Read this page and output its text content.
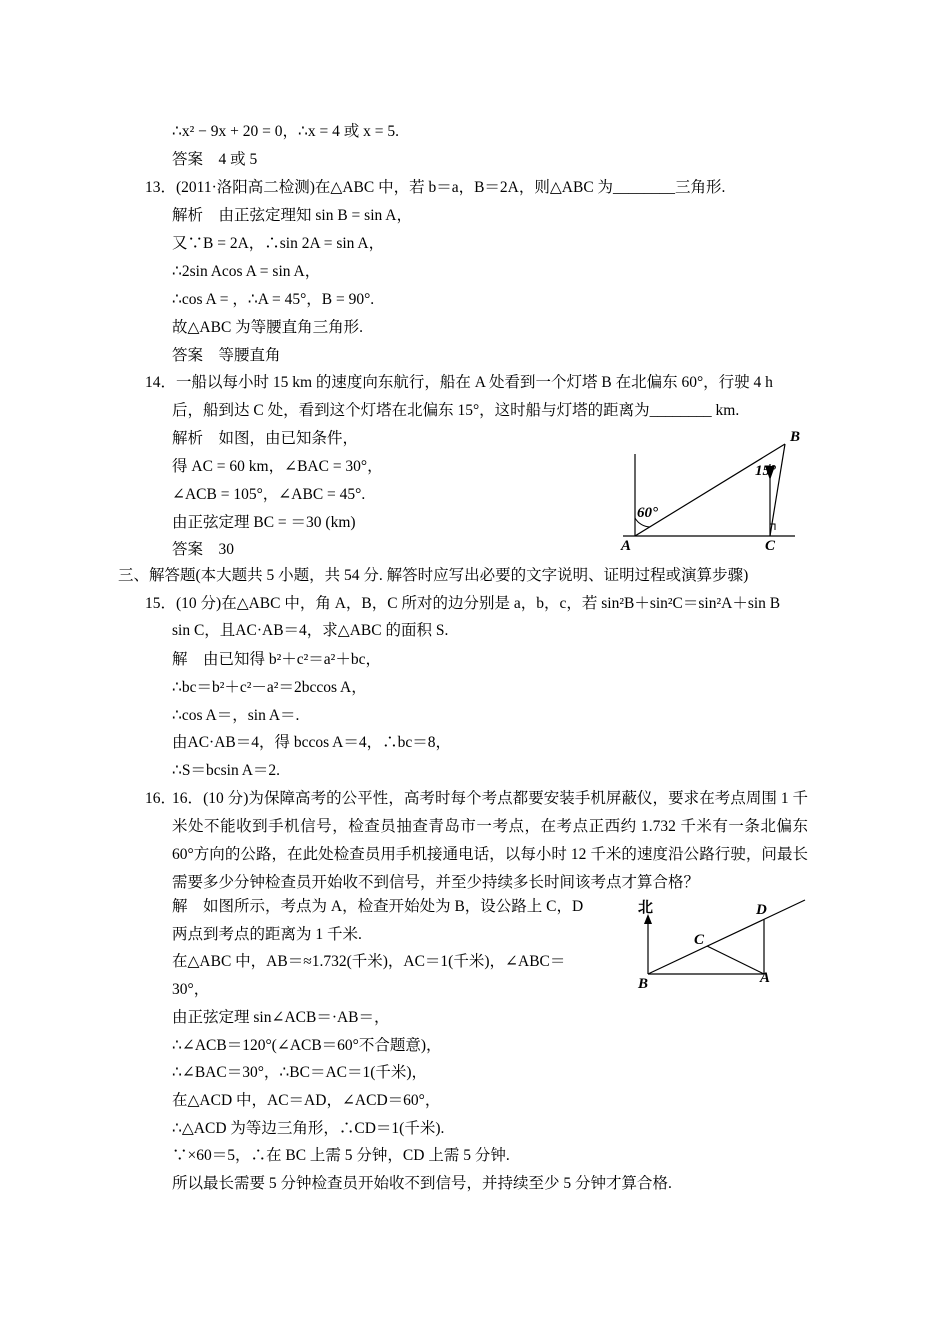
∴x² − 9x + 20 = 0，∴x = 4 或 x = 5.
答案　4 或 5
13．(2011·洛阳高二检测)在△ABC 中，若 b＝a，B＝2A，则△ABC 为________三角形.
解析　由正弦定理知 sin B = sin A，
又∵B = 2A，∴sin 2A = sin A，
∴2sin Acos A = sin A，
∴cos A = ，∴A = 45°，B = 90°.
故△ABC 为等腰直角三角形.
答案　等腰直角
14．一船以每小时 15 km 的速度向东航行，船在 A 处看到一个灯塔 B 在北偏东 60°，行驶 4 h
后，船到达 C 处，看到这个灯塔在北偏东 15°，这时船与灯塔的距离为________ km.
解析　如图，由已知条件，
得 AC = 60 km，∠BAC = 30°，
∠ACB = 105°，∠ABC = 45°.
由正弦定理 BC = ＝30 (km)
答案　30
三、解答题(本大题共 5 小题，共 54 分. 解答时应写出必要的文字说明、证明过程或演算步骤)
15．(10 分)在△ABC 中，角 A，B，C 所对的边分别是 a，b，c，若 sin²B＋sin²C＝sin²A＋sin B
sin C，且AC·AB＝4，求△ABC 的面积 S.
解　由已知得 b²＋c²＝a²＋bc，
∴bc＝b²＋c²－a²＝2bccos A，
∴cos A＝，sin A＝.
由AC·AB＝4，得 bccos A＝4，∴bc＝8，
∴S＝bcsin A＝2.
16．
16．(10 分)为保障高考的公平性，高考时每个考点都要安装手机屏蔽仪，要求在考点周围 1 千米处不能收到手机信号，检查员抽查青岛市一考点，在考点正西约 1.732 千米有一条北偏东 60°方向的公路，在此处检查员用手机接通电话，以每小时 12 千米的速度沿公路行驶，问最长需要多少分钟检查员开始收不到信号，并至少持续多长时间该考点才算合格？
解　如图所示，考点为 A，检查开始处为 B，设公路上 C，D
两点到考点的距离为 1 千米.
在△ABC 中，AB＝≈1.732(千米)，AC＝1(千米)，∠ABC＝
30°，
由正弦定理 sin∠ACB＝·AB＝，
∴∠ACB＝120°(∠ACB＝60°不合题意)，
∴∠BAC＝30°，∴BC＝AC＝1(千米)，
在△ACD 中，AC＝AD，∠ACD＝60°，
∴△ACD 为等边三角形，∴CD＝1(千米).
∵×60＝5，∴在 BC 上需 5 分钟，CD 上需 5 分钟.
所以最长需要 5 分钟检查员开始收不到信号，并持续至少 5 分钟才算合格.
B
A	C
60°
15°
北
B
C
D
A
